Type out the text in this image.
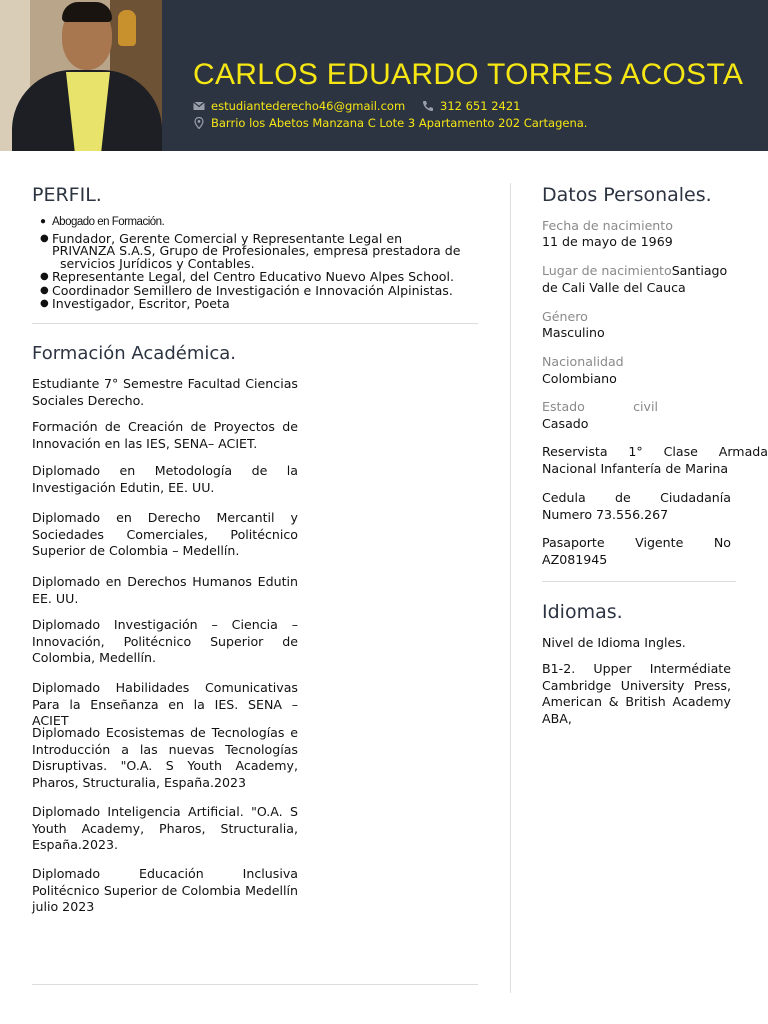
CARLOS EDUARDO TORRES ACOSTA
estudiantederecho46@gmail.com	312 651 2421
Barrio los Abetos Manzana C Lote 3 Apartamento 202 Cartagena.
PERFIL.
● Abogado en Formación.
● Fundador, Gerente Comercial y Representante Legal en
PRIVANZA S.A.S, Grupo de Profesionales, empresa prestadora de
servicios Jurídicos y Contables.
● Representante Legal, del Centro Educativo Nuevo Alpes School.
● Coordinador Semillero de Investigación e Innovación Alpinistas.
● Investigador, Escritor, Poeta
Formación Académica.

Estudiante 7° Semestre Facultad Ciencias Sociales Derecho.

Formación de Creación de Proyectos de Innovación en las IES, SENA– ACIET.

Diplomado en Metodología de la Investigación Edutin, EE. UU.

Diplomado en Derecho Mercantil y Sociedades Comerciales, Politécnico Superior de Colombia – Medellín.

Diplomado en Derechos Humanos Edutin EE. UU.

Diplomado Investigación – Ciencia – Innovación, Politécnico Superior de Colombia, Medellín.

Diplomado Habilidades Comunicativas Para la Enseñanza en la IES. SENA – ACIET

Diplomado Ecosistemas de Tecnologías e Introducción a las nuevas Tecnologías Disruptivas. "O.A. S Youth Academy, Pharos, Structuralia, España.2023

Diplomado Inteligencia Artificial. "O.A. S Youth Academy, Pharos, Structuralia, España.2023.

Diplomado Educación Inclusiva Politécnico Superior de Colombia Medellín julio 2023

Datos Personales.
Fecha de nacimiento
11 de mayo de 1969
Lugar de nacimientoSantiago
de Cali Valle del Cauca
Género
Masculino
Nacionalidad
Colombiano
Estado	civil
Casado

Reservista 1° Clase Armada Nacional Infantería de Marina

Cedula de Ciudadanía Numero 73.556.267

Pasaporte Vigente No AZ081945

Idiomas.
Nivel de Idioma Ingles.

B1-2. Upper Intermédiate Cambridge University Press, American & British Academy ABA,
